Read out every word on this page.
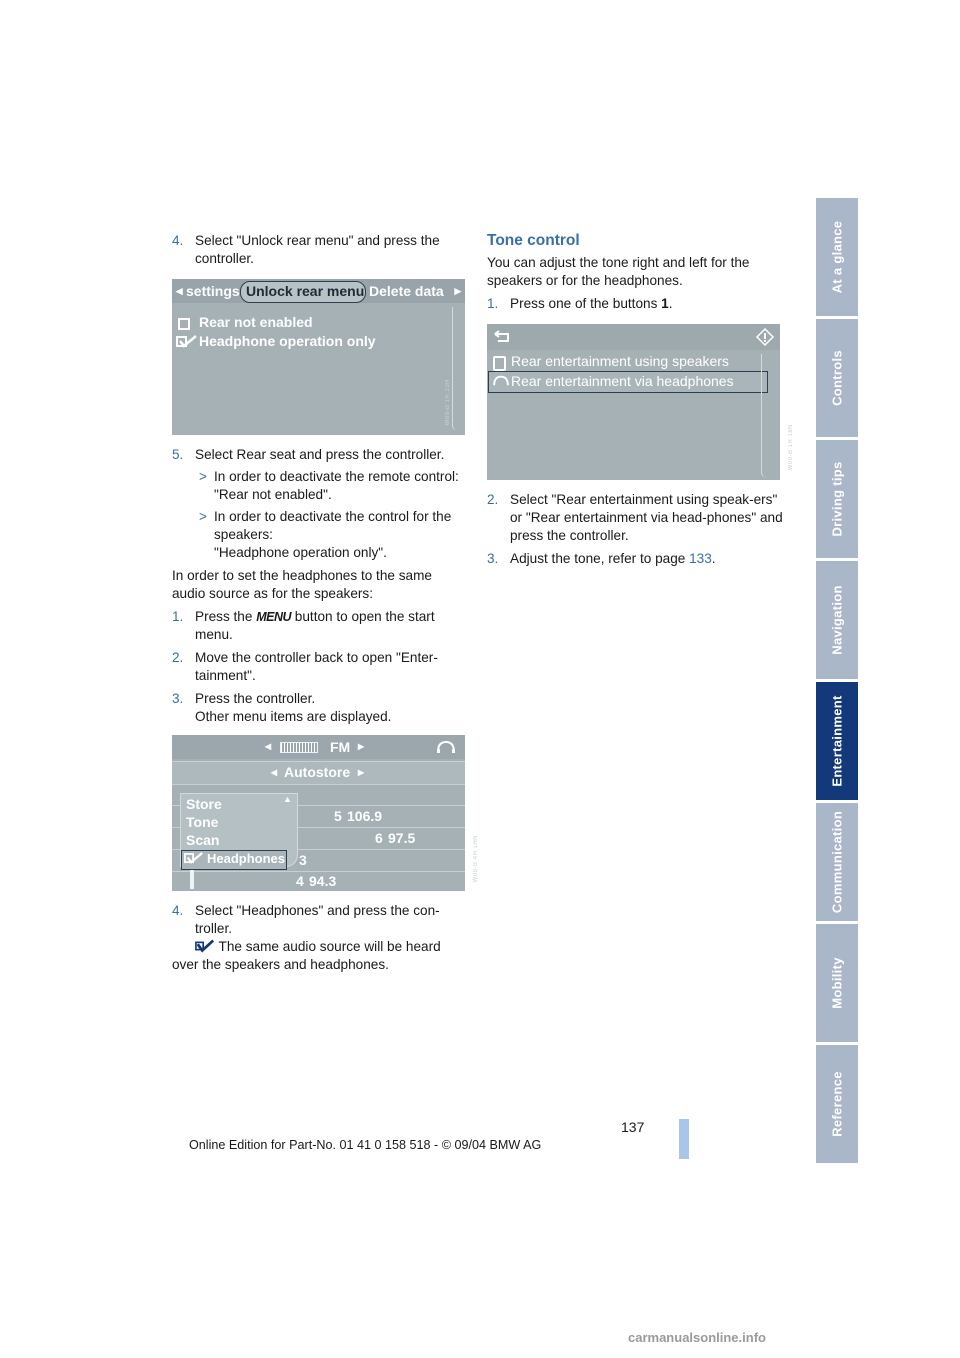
4. Select "Unlock rear menu" and press the controller.

◂ settings Unlock rear menu Delete data ▸
Rear not enabled
Headphone operation only
W09-B 1R 13H

5. Select Rear seat and press the controller.

> In order to deactivate the remote control: "Rear not enabled".

> In order to deactivate the control for the speakers:
"Headphone operation only".

In order to set the headphones to the same audio source as for the speakers:

1. Press the MENU button to open the start menu.

2. Move the controller back to open "Enter-tainment".

3. Press the controller.
Other menu items are displayed.

◂	FM ▸
◂ Autostore ▸
5 106.9
6 97.5
3
4 94.3
Store
Tone
Scan
▲
Headphones	W09-B 4H 1HN

4. Select "Headphones" and press the con-troller.

The same audio source will be heard

over the speakers and headphones.

Tone control

You can adjust the tone right and left for the speakers or for the headphones.

1. Press one of the buttons 1.

Rear entertainment using speakers
Rear entertainment via headphones
W09-B 1R 18N

2. Select "Rear entertainment using speak-ers" or "Rear entertainment via head-phones" and press the controller.

3. Adjust the tone, refer to page 133.

At a glance
Controls
Driving tips
Navigation
Entertainment
Communication
Mobility
Reference
137
Online Edition for Part-No. 01 41 0 158 518 - © 09/04 BMW AG
carmanualsonline.info
